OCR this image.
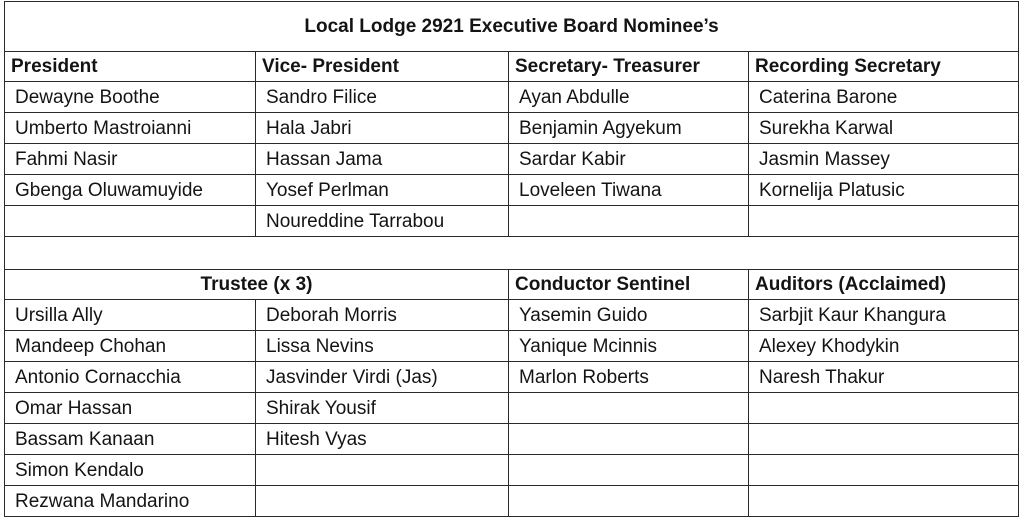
Local Lodge 2921 Executive Board Nominee’s			
President	Vice- President	Secretary- Treasurer	Recording Secretary
Dewayne Boothe	Sandro Filice	Ayan Abdulle	Caterina Barone
Umberto Mastroianni	Hala Jabri	Benjamin Agyekum	Surekha Karwal
Fahmi Nasir	Hassan Jama	Sardar Kabir	Jasmin Massey
Gbenga Oluwamuyide	Yosef Perlman	Loveleen Tiwana	Kornelija Platusic
	Noureddine Tarrabou		

Trustee (x 3)		Conductor Sentinel	Auditors (Acclaimed)
Ursilla Ally	Deborah Morris	Yasemin Guido	Sarbjit Kaur Khangura
Mandeep Chohan	Lissa Nevins	Yanique Mcinnis	Alexey Khodykin
Antonio Cornacchia	Jasvinder Virdi (Jas)	Marlon Roberts	Naresh Thakur
Omar Hassan	Shirak Yousif		
Bassam Kanaan	Hitesh Vyas		
Simon Kendalo			
Rezwana Mandarino			
